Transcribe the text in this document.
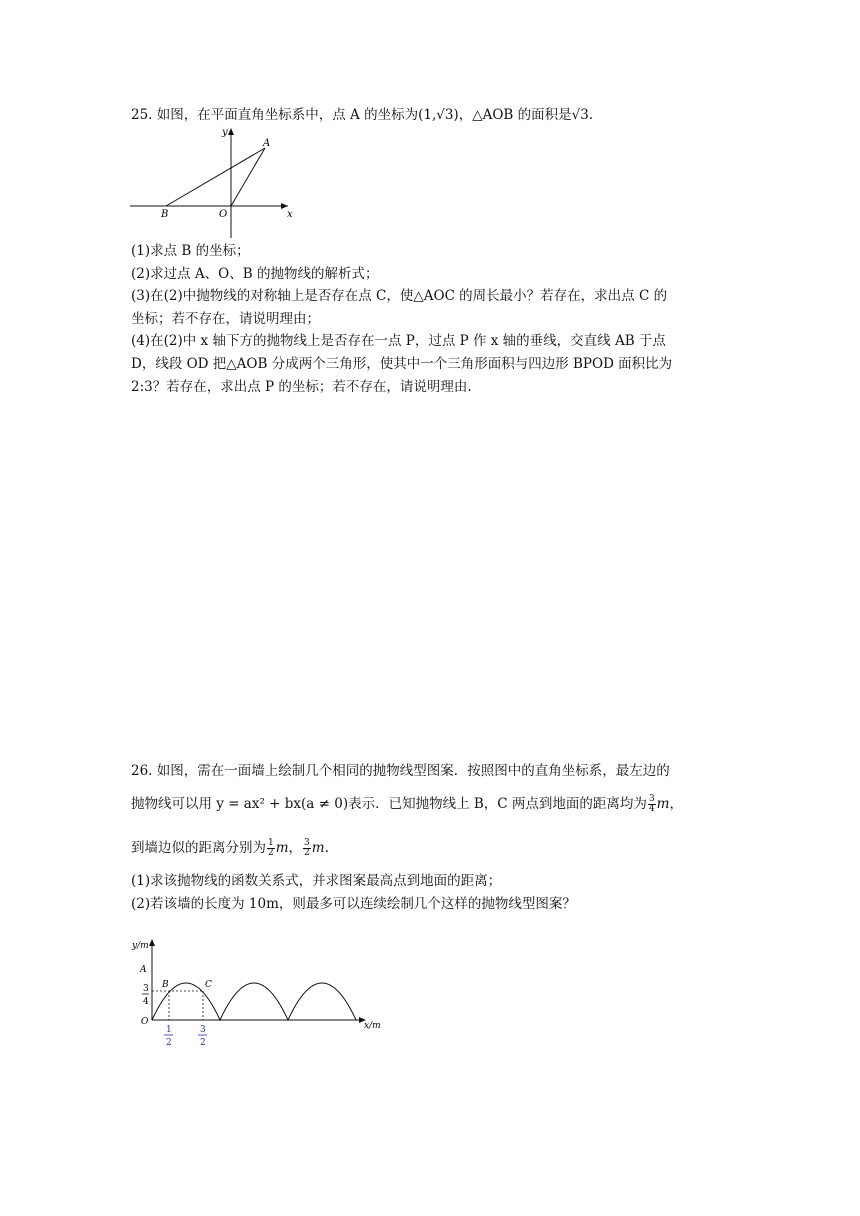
25. 如图，在平面直角坐标系中，点 A 的坐标为(1,√3)，△AOB 的面积是√3.
y
A
B	O	x
(1)求点 B 的坐标；
(2)求过点 A、O、B 的抛物线的解析式；
(3)在(2)中抛物线的对称轴上是否存在点 C，使△AOC 的周长最小？若存在，求出点 C 的
坐标；若不存在，请说明理由；
(4)在(2)中 x 轴下方的抛物线上是否存在一点 P，过点 P 作 x 轴的垂线，交直线 AB 于点
D，线段 OD 把△AOB 分成两个三角形，使其中一个三角形面积与四边形 BPOD 面积比为
2:3？若存在，求出点 P 的坐标；若不存在，请说明理由.
26. 如图，需在一面墙上绘制几个相同的抛物线型图案．按照图中的直角坐标系，最左边的
抛物线可以用 y = ax² + bx(a ≠ 0)表示．已知抛物线上 B，C 两点到地面的距离均为 $\frac{3}{4}$ m，
到墙边似的距离分别为 $\frac{1}{2}$ m， $\frac{3}{2} m$.
(1)求该抛物线的函数关系式，并求图案最高点到地面的距离；
(2)若该墙的长度为 10m，则最多可以连续绘制几个这样的抛物线型图案？
y/m
A
B	C
O	x/m
3
4
1
2
3
2
